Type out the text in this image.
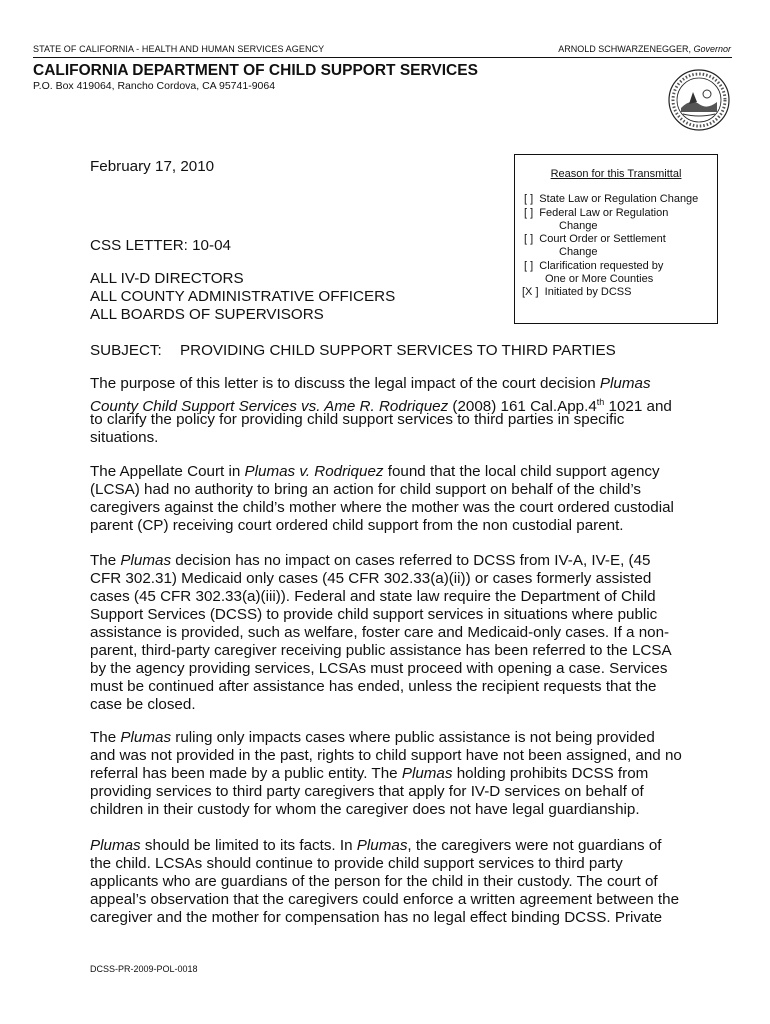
STATE OF CALIFORNIA - HEALTH AND HUMAN SERVICES AGENCY	ARNOLD SCHWARZENEGGER, Governor
CALIFORNIA DEPARTMENT OF CHILD SUPPORT SERVICES
P.O. Box 419064, Rancho Cordova, CA 95741-9064
February 17, 2010
CSS LETTER: 10-04
ALL IV-D DIRECTORS
ALL COUNTY ADMINISTRATIVE OFFICERS
ALL BOARDS OF SUPERVISORS
Reason for this Transmittal
[ ] State Law or Regulation Change
[ ] Federal Law or Regulation
Change
[ ] Court Order or Settlement
Change
[ ] Clarification requested by
One or More Counties
[X ] Initiated by DCSS
SUBJECT: PROVIDING CHILD SUPPORT SERVICES TO THIRD PARTIES
The purpose of this letter is to discuss the legal impact of the court decision Plumas
County Child Support Services vs. Ame R. Rodriquez (2008) 161 Cal.App.4th 1021 and
to clarify the policy for providing child support services to third parties in specific
situations.
The Appellate Court in Plumas v. Rodriquez found that the local child support agency
(LCSA) had no authority to bring an action for child support on behalf of the child’s
caregivers against the child’s mother where the mother was the court ordered custodial
parent (CP) receiving court ordered child support from the non custodial parent.
The Plumas decision has no impact on cases referred to DCSS from IV-A, IV-E, (45
CFR 302.31) Medicaid only cases (45 CFR 302.33(a)(ii)) or cases formerly assisted
cases (45 CFR 302.33(a)(iii)). Federal and state law require the Department of Child
Support Services (DCSS) to provide child support services in situations where public
assistance is provided, such as welfare, foster care and Medicaid-only cases. If a non-
parent, third-party caregiver receiving public assistance has been referred to the LCSA
by the agency providing services, LCSAs must proceed with opening a case. Services
must be continued after assistance has ended, unless the recipient requests that the
case be closed.
The Plumas ruling only impacts cases where public assistance is not being provided
and was not provided in the past, rights to child support have not been assigned, and no
referral has been made by a public entity. The Plumas holding prohibits DCSS from
providing services to third party caregivers that apply for IV-D services on behalf of
children in their custody for whom the caregiver does not have legal guardianship.
Plumas should be limited to its facts. In Plumas, the caregivers were not guardians of
the child. LCSAs should continue to provide child support services to third party
applicants who are guardians of the person for the child in their custody. The court of
appeal’s observation that the caregivers could enforce a written agreement between the
caregiver and the mother for compensation has no legal effect binding DCSS. Private
DCSS-PR-2009-POL-0018
